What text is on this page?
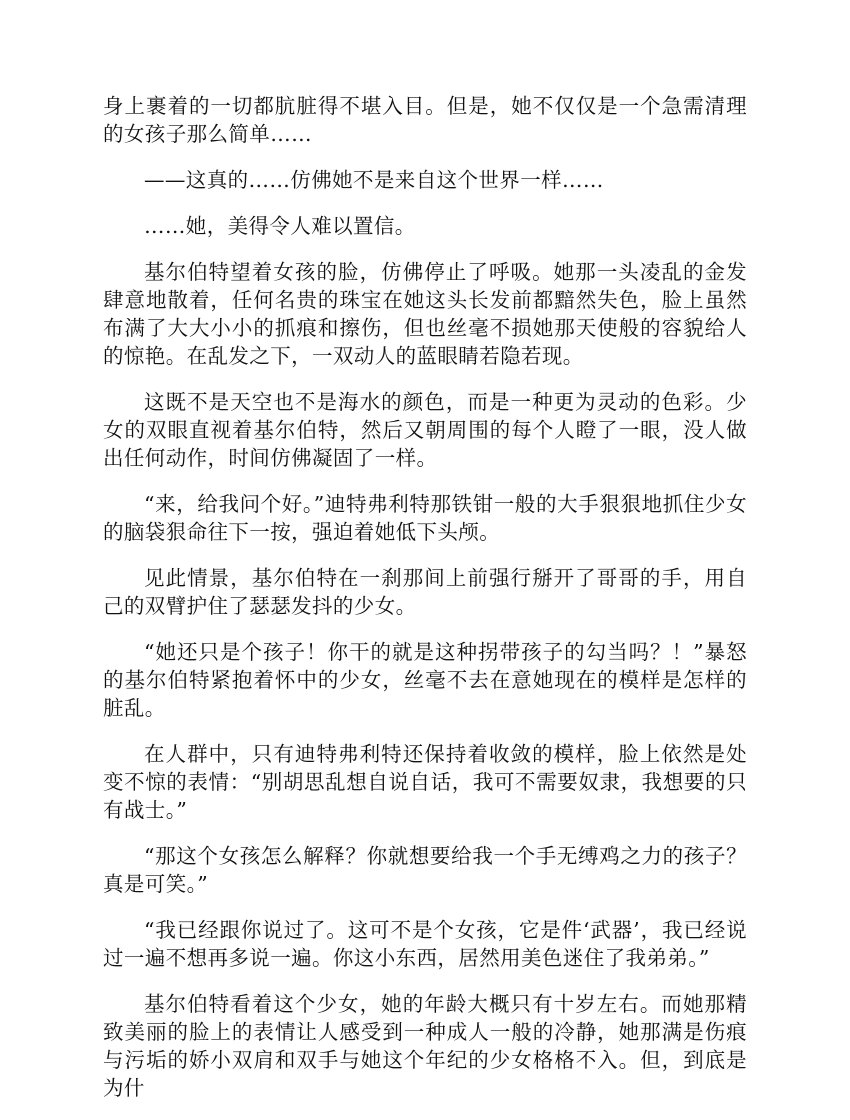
身上裹着的一切都肮脏得不堪入目。但是，她不仅仅是一个急需清理的女孩子那么简单……

——这真的……仿佛她不是来自这个世界一样……

……她，美得令人难以置信。

基尔伯特望着女孩的脸，仿佛停止了呼吸。她那一头凌乱的金发肆意地散着，任何名贵的珠宝在她这头长发前都黯然失色，脸上虽然布满了大大小小的抓痕和擦伤，但也丝毫不损她那天使般的容貌给人的惊艳。在乱发之下，一双动人的蓝眼睛若隐若现。

这既不是天空也不是海水的颜色，而是一种更为灵动的色彩。少女的双眼直视着基尔伯特，然后又朝周围的每个人瞪了一眼，没人做出任何动作，时间仿佛凝固了一样。

“来，给我问个好。”迪特弗利特那铁钳一般的大手狠狠地抓住少女的脑袋狠命往下一按，强迫着她低下头颅。

见此情景，基尔伯特在一刹那间上前强行掰开了哥哥的手，用自己的双臂护住了瑟瑟发抖的少女。

“她还只是个孩子！你干的就是这种拐带孩子的勾当吗？！”暴怒的基尔伯特紧抱着怀中的少女，丝毫不去在意她现在的模样是怎样的脏乱。

在人群中，只有迪特弗利特还保持着收敛的模样，脸上依然是处变不惊的表情：“别胡思乱想自说自话，我可不需要奴隶，我想要的只有战士。”

“那这个女孩怎么解释？你就想要给我一个手无缚鸡之力的孩子？真是可笑。”

“我已经跟你说过了。这可不是个女孩，它是件‘武器’，我已经说过一遍不想再多说一遍。你这小东西，居然用美色迷住了我弟弟。”

基尔伯特看着这个少女，她的年龄大概只有十岁左右。而她那精致美丽的脸上的表情让人感受到一种成人一般的冷静，她那满是伤痕与污垢的娇小双肩和双手与她这个年纪的少女格格不入。但，到底是为什
